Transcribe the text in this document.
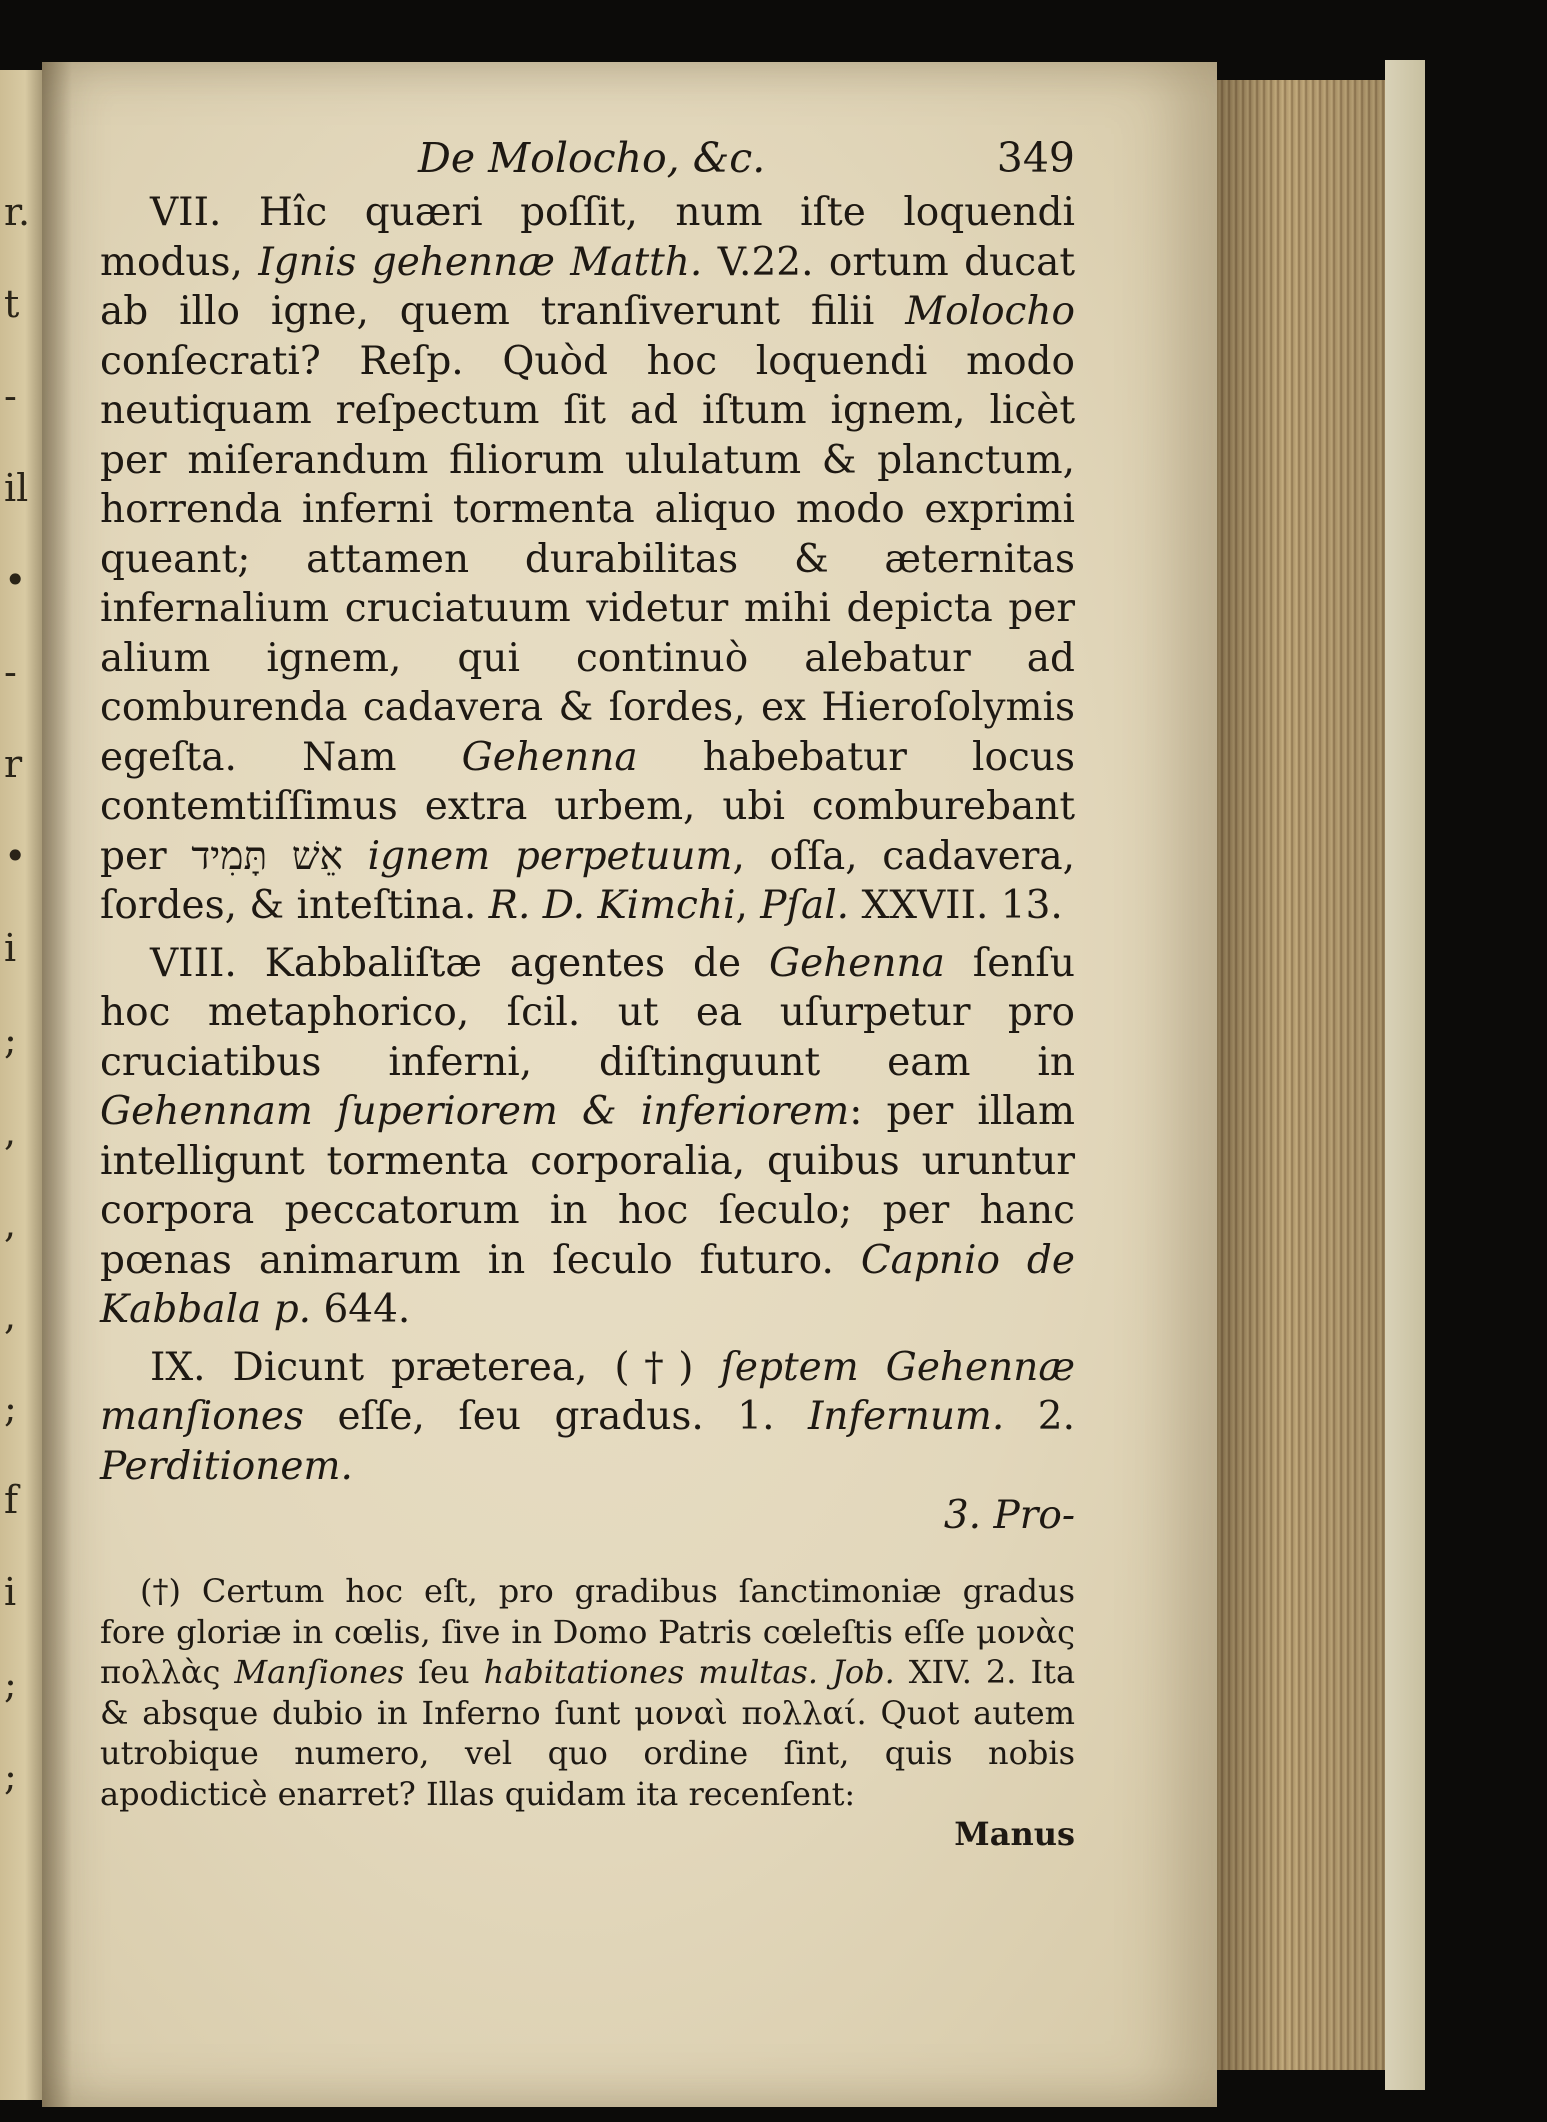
r.
t
-
il
•
-
r
•
i
;
,
,
,
;
f
i
;
;
De Molocho, &c.	349

VII. Hîc quæri poſſit, num iſte loquendi modus, Ignis gehennæ Matth. V.22. ortum ducat ab illo igne, quem tranſiverunt filii Molocho conſecrati? Reſp. Quòd hoc loquendi modo neutiquam reſpectum ſit ad iſtum ignem, licèt per miſerandum filiorum ululatum & planctum, horrenda inferni tormenta aliquo modo exprimi queant; attamen durabilitas & æternitas infernalium cruciatuum videtur mihi depicta per alium ignem, qui continuò alebatur ad comburenda cadavera & ſordes, ex Hieroſolymis egeſta. Nam Gehenna habebatur locus contemtiſſimus extra urbem, ubi comburebant per אֵשׁ תָּמִיד ignem perpetuum, oſſa, cadavera, ſordes, & inteſtina. R. D. Kimchi, Pſal. XXVII. 13.

VIII. Kabbaliſtæ agentes de Gehenna ſenſu hoc metaphorico, ſcil. ut ea uſurpetur pro cruciatibus inferni, diſtinguunt eam in Gehennam ſuperiorem & inferiorem: per illam intelligunt tormenta corporalia, quibus uruntur corpora peccatorum in hoc ſeculo; per hanc pœnas animarum in ſeculo futuro. Capnio de Kabbala p. 644.

IX. Dicunt præterea, (†) ſeptem Gehennæ manſiones eſſe, ſeu gradus. 1. Infernum. 2. Perditionem.

3. Pro-

(†) Certum hoc eſt, pro gradibus ſanctimoniæ gradus fore gloriæ in cœlis, ſive in Domo Patris cœleſtis eſſe μονὰς πολλὰς Manſiones ſeu habitationes multas. Job. XIV. 2. Ita & absque dubio in Inferno ſunt μοναὶ πολλαί. Quot autem utrobique numero, vel quo ordine ſint, quis nobis apodicticè enarret? Illas quidam ita recenſent:

Manus
